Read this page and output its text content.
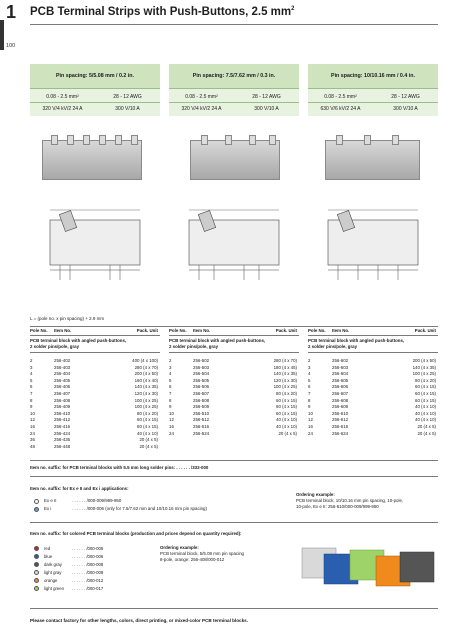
1
100
PCB Terminal Strips with Push-Buttons, 2.5 $mm^2$
Pin spacing: 5/5.08 mm / 0.2 in.
0.08 - 2.5 mm²	28 - 12 AWG
320 V/4 kV/2 24 A	300 V/10 A
Pin spacing: 7.5/7.62 mm / 0.3 in.
0.08 - 2.5 mm²	28 - 12 AWG
320 V/4 kV/2 24 A	300 V/10 A
Pin spacing: 10/10.16 mm / 0.4 in.
0.08 - 2.5 mm²	28 - 12 AWG
630 V/6 kV/2 24 A	300 V/10 A
L = (pole no. x pin spacing) + 2.9 mm
Pole No. Item No.	Pack. Unit
PCB terminal block with angled push-buttons,
2 solder pins/pole, gray
2	256-402	400 (4 x 100)
3	256-403	280 (4 x 70)
4	256-404	200 (4 x 50)
5	256-405	160 (4 x 40)
6	256-406	140 (4 x 35)
7	256-407	120 (4 x 30)
8	256-408	100 (4 x 25)
9	256-409	100 (4 x 25)
10	256-410	80 (4 x 20)
12	256-412	60 (4 x 15)
16	256-416	60 (4 x 15)
24	256-424	40 (4 x 10)
36	256-436	20 (4 x 5)
48	256-448	20 (4 x 5)
Pole No. Item No.	Pack. Unit
PCB terminal block with angled push-buttons,
2 solder pins/pole, gray
2	256-502	280 (4 x 70)
3	256-503	180 (4 x 45)
4	256-504	140 (4 x 35)
5	256-505	120 (4 x 30)
6	256-506	100 (4 x 25)
7	256-507	80 (4 x 20)
8	256-508	60 (4 x 15)
9	256-509	60 (4 x 15)
10	256-510	60 (4 x 15)
12	256-512	40 (4 x 10)
16	256-516	40 (4 x 10)
24	256-524	20 (4 x 5)
Pole No. Item No.	Pack. Unit
PCB terminal block with angled push-buttons,
2 solder pins/pole, gray
2	256-602	200 (4 x 50)
3	256-603	140 (4 x 35)
4	256-604	100 (4 x 25)
5	256-605	80 (4 x 20)
6	256-606	60 (4 x 15)
7	256-607	60 (4 x 15)
8	256-608	60 (4 x 15)
9	256-609	40 (4 x 10)
10	256-610	40 (4 x 10)
12	256-612	40 (4 x 10)
16	256-616	20 (4 x 5)
24	256-624	20 (4 x 5)
Item no. suffix: for PCB terminal blocks with 5.5 mm long solder pins: . . . . . . /332-000
Item no. suffix: for Ex e II and Ex i applications:
Ex e II	. . . . . . /000-009/999-950
Ex i	. . . . . . /000-006 (only for 7.5/7.62 mm and 10/10.16 mm pin spacing)
Ordering example:
PCB terminal block, 10/10.16 mm pin spacing, 10-pole,
10-pole, Ex e II: 256-610/000-009/999-950
Item no. suffix: for colored PCB terminal blocks (production and prices depend on quantity required):
red	. . . . . . /000-005
blue	. . . . . . /000-006
dark gray . . . . . . /000-008
light gray . . . . . . /000-009
orange	. . . . . . /000-012
light green . . . . . . /000-017
Ordering example:
PCB terminal block, 5/5.08 mm pin spacing
8-pole, orange: 256-408/000-012
Please contact factory for other lengths, colors, direct printing, or mixed-color PCB terminal blocks.
